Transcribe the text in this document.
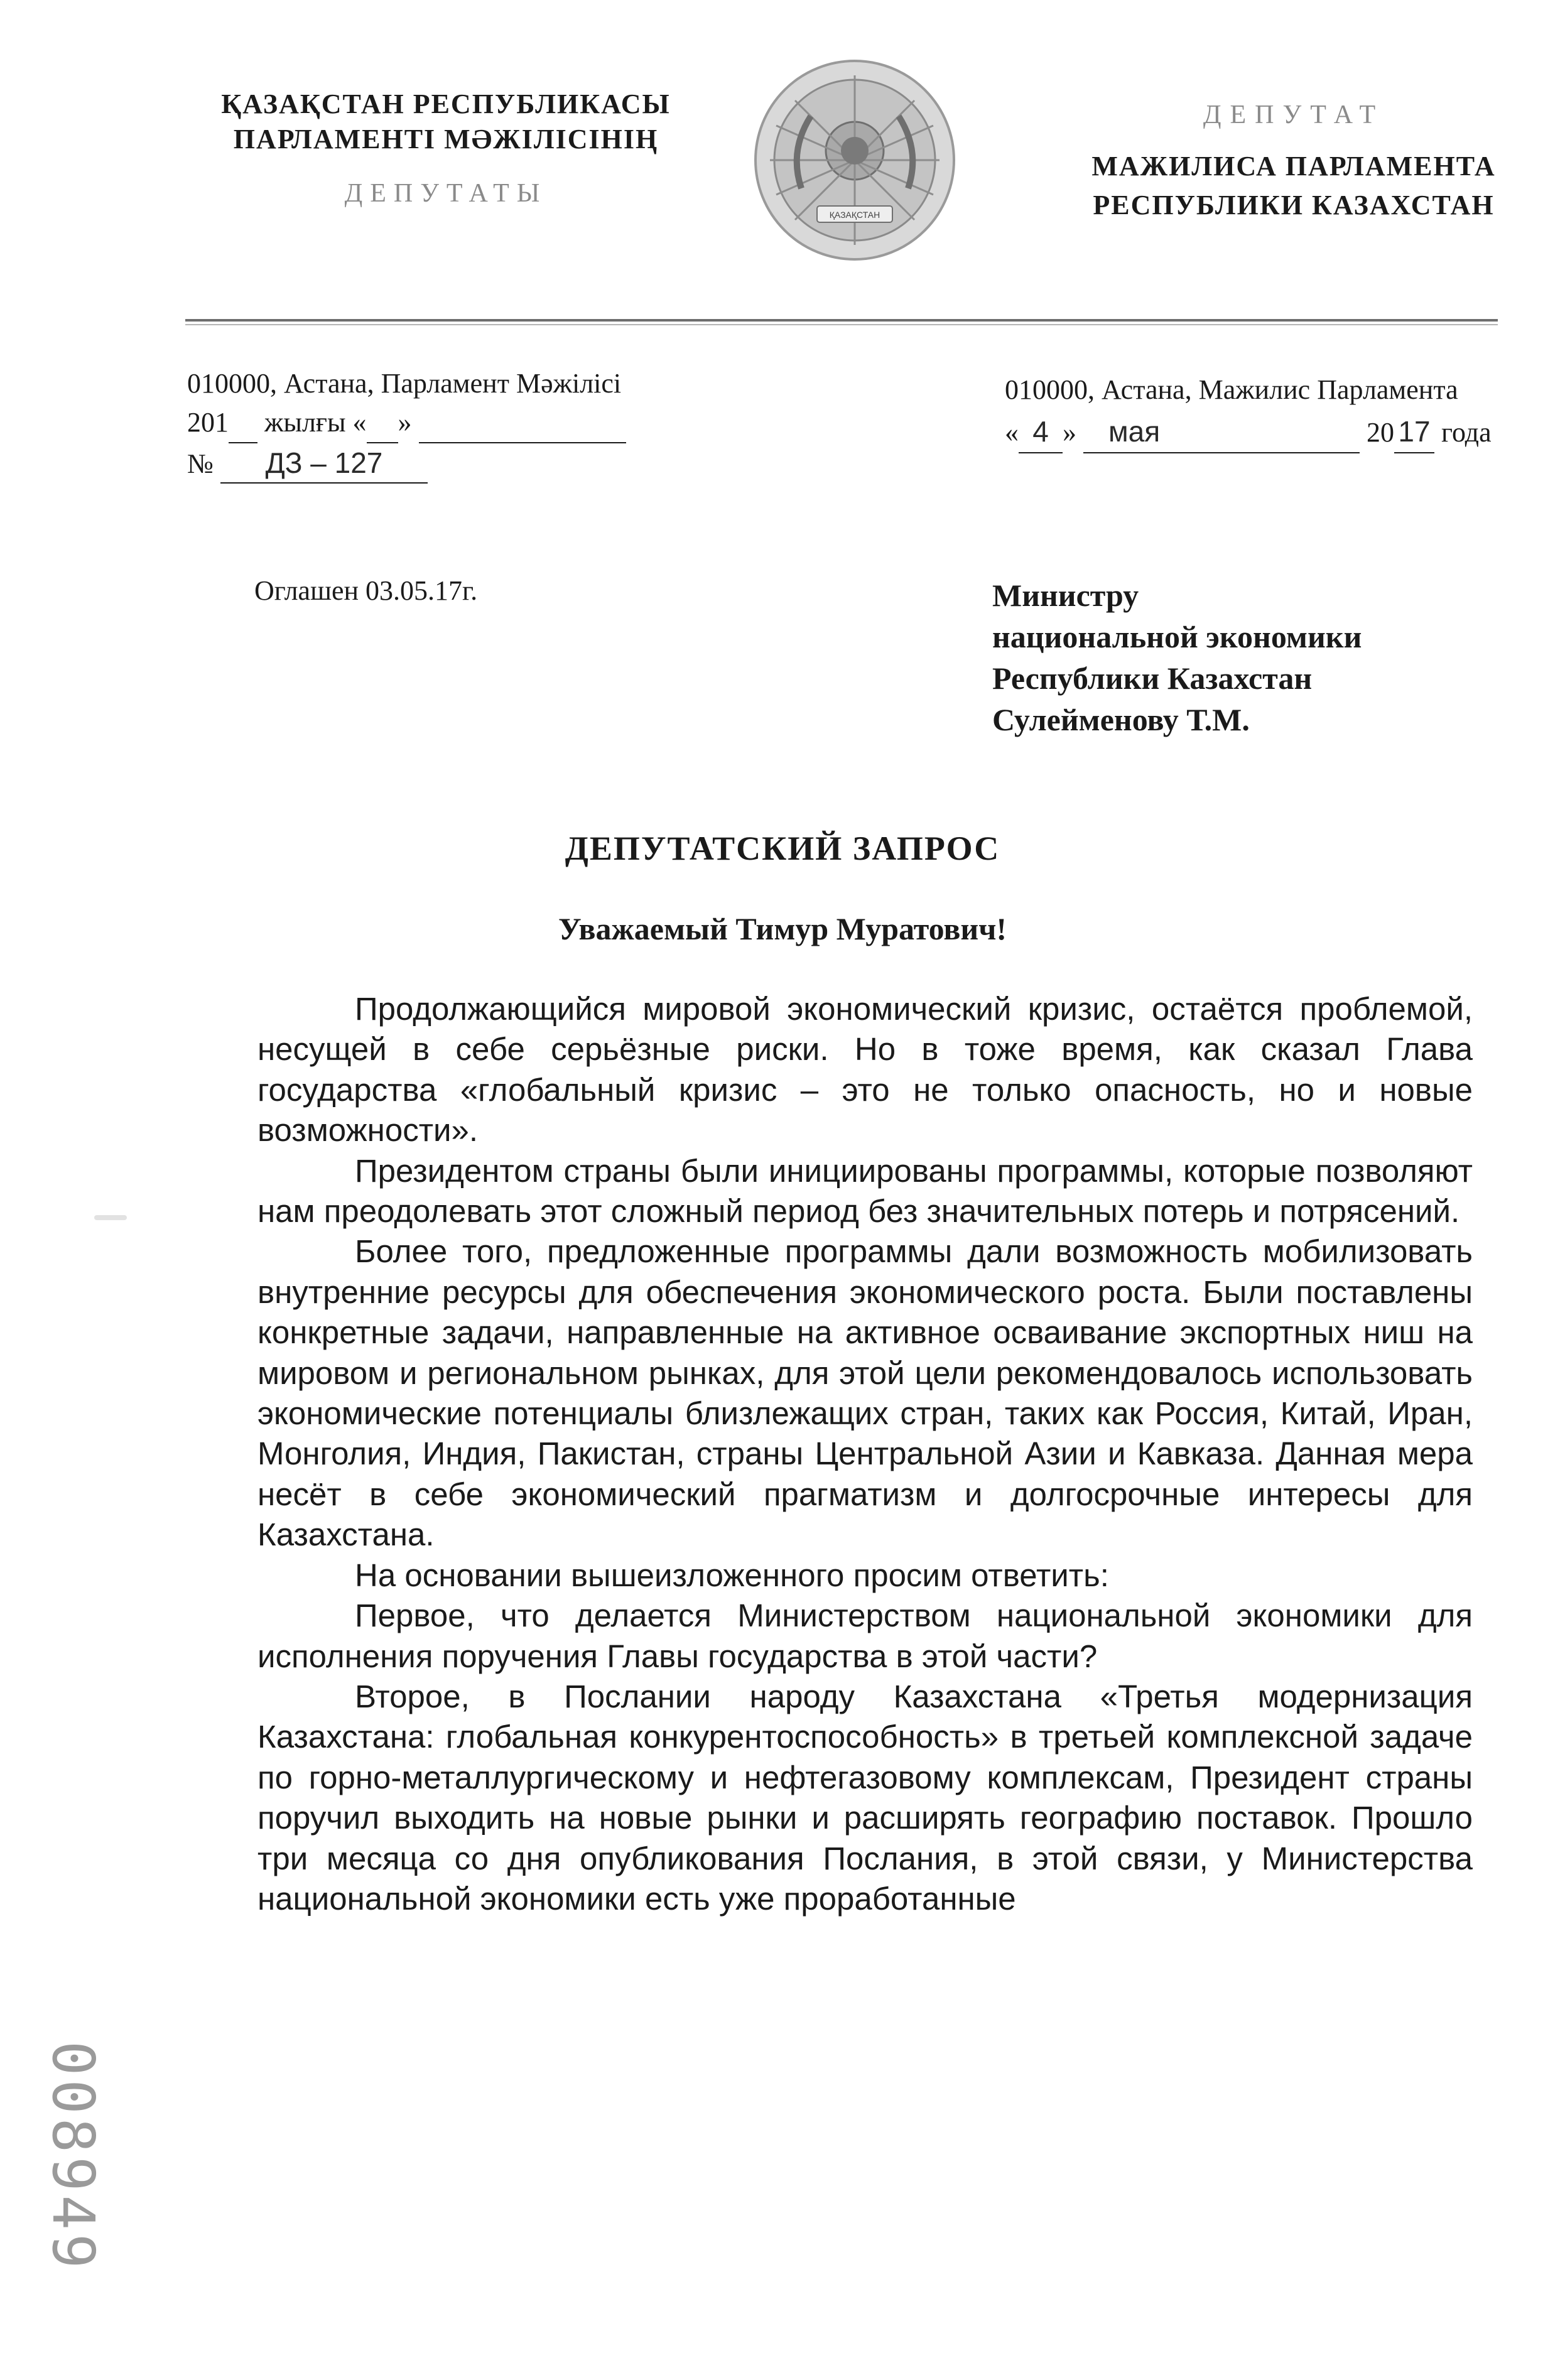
ҚАЗАҚСТАН РЕСПУБЛИКАСЫ
ПАРЛАМЕНТІ МӘЖІЛІСІНІҢ
ДЕПУТАТЫ
ҚАЗАҚСТАН
ДЕПУТАТ
МАЖИЛИСА ПАРЛАМЕНТА
РЕСПУБЛИКИ КАЗАХСТАН
010000, Астана, Парламент Мәжілісі
201 жылғы « »
№ ДЗ – 127
010000, Астана, Мажилис Парламента
« 4 » мая	20 17 года
Оглашен 03.05.17г.	Министру
национальной экономики
Республики Казахстан
Сулейменову Т.М.
ДЕПУТАТСКИЙ ЗАПРОС
Уважаемый Тимур Муратович!

Продолжающийся мировой экономический кризис, остаётся проблемой, несущей в себе серьёзные риски. Но в тоже время, как сказал Глава государства «глобальный кризис – это не только опасность, но и новые возможности».

Президентом страны были инициированы программы, которые позволяют нам преодолевать этот сложный период без значительных потерь и потрясений.

Более того, предложенные программы дали возможность мобилизовать внутренние ресурсы для обеспечения экономического роста. Были поставлены конкретные задачи, направленные на активное осваивание экспортных ниш на мировом и региональном рынках, для этой цели рекомендовалось использовать экономические потенциалы близлежащих стран, таких как Россия, Китай, Иран, Монголия, Индия, Пакистан, страны Центральной Азии и Кавказа. Данная мера несёт в себе экономический прагматизм и долгосрочные интересы для Казахстана.

На основании вышеизложенного просим ответить:

Первое, что делается Министерством национальной экономики для исполнения поручения Главы государства в этой части?

Второе, в Послании народу Казахстана «Третья модернизация Казахстана: глобальная конкурентоспособность» в третьей комплексной задаче по горно-металлургическому и нефтегазовому комплексам, Президент страны поручил выходить на новые рынки и расширять географию поставок. Прошло три месяца со дня опубликования Послания, в этой связи, у Министерства национальной экономики есть уже проработанные

008949
